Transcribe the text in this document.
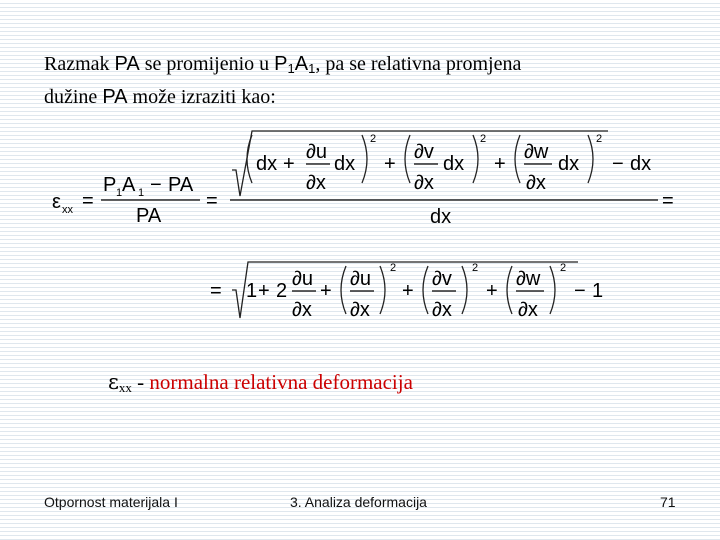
Razmak PA se promijenio u $P_1A_1$, pa se relativna promjena
dužine PA može izraziti kao:
ε xx =
P 1 A 1 − PA
PA
=
dx +
∂u
∂x
dx
2
+
∂v
∂x
dx
2
+
∂w
∂x
dx
2
− dx
dx
=
= 1 + 2
∂u
∂x
+
∂u
∂x
2
+
∂v
∂x
2
+
∂w
∂x
2
− 1
$\varepsilon_{xx}$ - normalna relativna deformacija
Otpornost materijala I	3. Analiza deformacija	71
